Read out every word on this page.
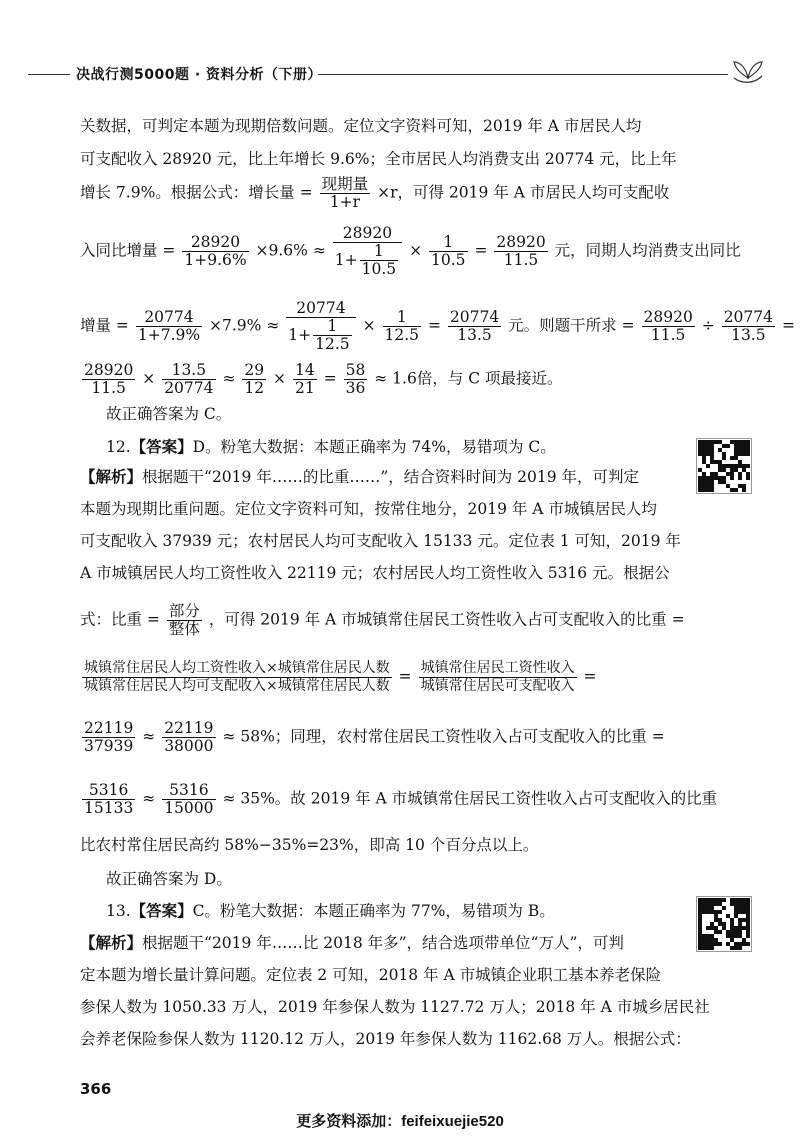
决战行测5000题 · 资料分析（下册）
关数据，可判定本题为现期倍数问题。定位文字资料可知，2019 年 A 市居民人均
可支配收入 28920 元，比上年增长 9.6%；全市居民人均消费支出 20774 元，比上年
增长 7.9%。根据公式：增长量 = $\frac{\text{现期量}}{1+r} \times r$，可得 2019 年 A 市居民人均可支配收
入同比增量 = $\frac{28920}{1+9.6\%} \times 9.6\% \approx \frac{28920}{1+ \frac{1}{10.5}} \times \frac{1}{10.5} = \frac{28920}{11.5}$ 元，同期人均消费支出同比
增量 = $\frac{20774}{1+7.9\%} \times 7.9\% \approx \frac{20774}{1+ \frac{1}{12.5}} \times \frac{1}{12.5} = \frac{20774}{13.5}$ 元。则题干所求 = $\frac{28920}{11.5} \div \frac{20774}{13.5}$ =
$\frac{28920}{11.5} \times \frac{13.5}{20774} \approx \frac{29}{12} \times \frac{14}{21} = \frac{58}{36} \approx 1.6$倍，与 C 项最接近。
故正确答案为 C。
12.【答案】D。粉笔大数据：本题正确率为 74%，易错项为 C。
【解析】根据题干“2019 年……的比重……”，结合资料时间为 2019 年，可判定
本题为现期比重问题。定位文字资料可知，按常住地分，2019 年 A 市城镇居民人均
可支配收入 37939 元；农村居民人均可支配收入 15133 元。定位表 1 可知，2019 年
A 市城镇居民人均工资性收入 22119 元；农村居民人均工资性收入 5316 元。根据公
式：比重 = $\frac{\text{部分}}{\text{整体}}$ ，可得 2019 年 A 市城镇常住居民工资性收入占可支配收入的比重 =
$\frac{\text{城镇常住居民人均工资性收入×城镇常住居民人数}}{\text{城镇常住居民人均可支配收入×城镇常住居民人数}} = \frac{\text{城镇常住居民工资性收入}}{\text{城镇常住居民可支配收入}}$ =
$\frac{22119}{37939} \approx \frac{22119}{38000} \approx 58\%$；同理，农村常住居民工资性收入占可支配收入的比重 =
$\frac{5316}{15133} \approx \frac{5316}{15000} \approx 35\%$。故 2019 年 A 市城镇常住居民工资性收入占可支配收入的比重
比农村常住居民高约 58%−35%=23%，即高 10 个百分点以上。
故正确答案为 D。
13.【答案】C。粉笔大数据：本题正确率为 77%，易错项为 B。
【解析】根据题干“2019 年……比 2018 年多”，结合选项带单位“万人”，可判
定本题为增长量计算问题。定位表 2 可知，2018 年 A 市城镇企业职工基本养老保险
参保人数为 1050.33 万人，2019 年参保人数为 1127.72 万人；2018 年 A 市城乡居民社
会养老保险参保人数为 1120.12 万人，2019 年参保人数为 1162.68 万人。根据公式：
366
更多资料添加：feifeixuejie520
